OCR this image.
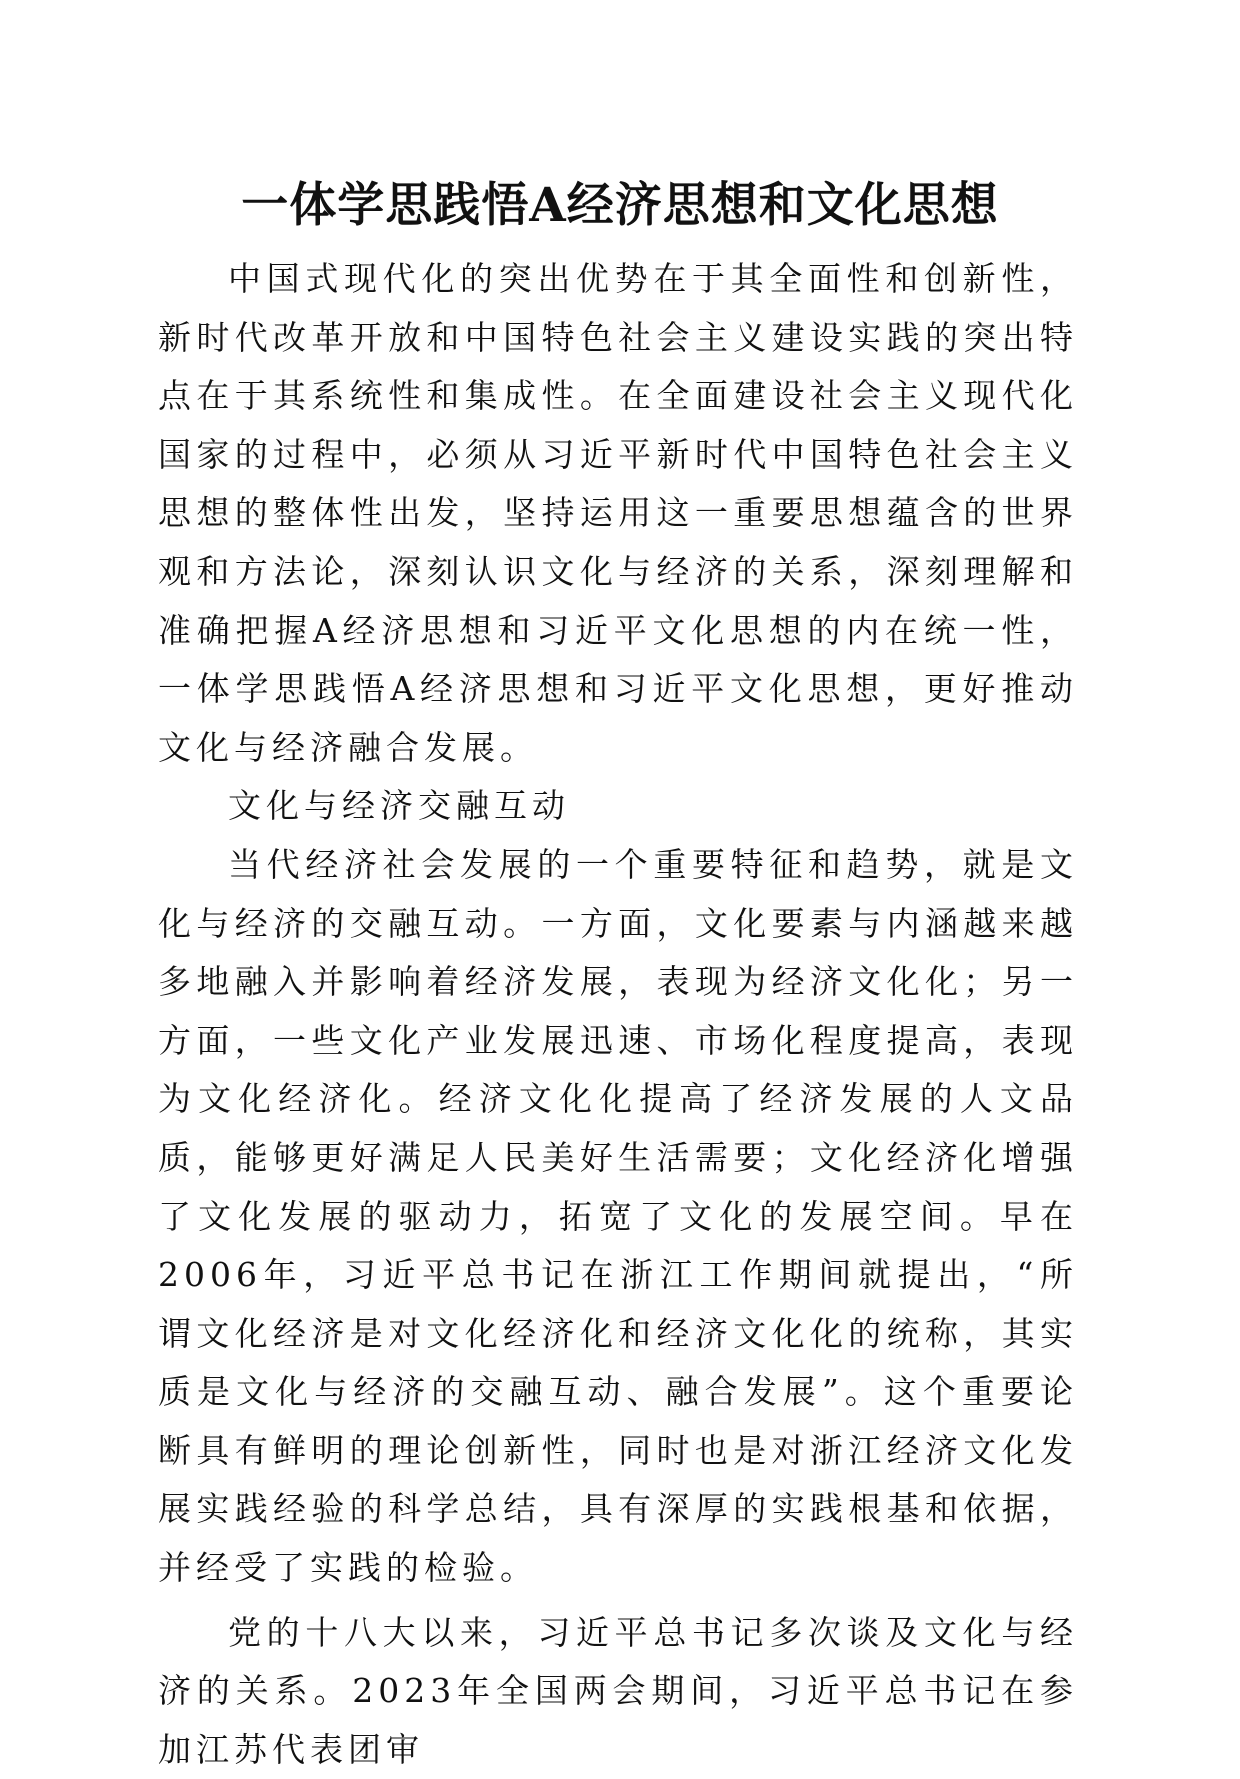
一体学思践悟A经济思想和文化思想

中国式现代化的突出优势在于其全面性和创新性，新时代改革开放和中国特色社会主义建设实践的突出特点在于其系统性和集成性。在全面建设社会主义现代化国家的过程中，必须从习近平新时代中国特色社会主义思想的整体性出发，坚持运用这一重要思想蕴含的世界观和方法论，深刻认识文化与经济的关系，深刻理解和准确把握A经济思想和习近平文化思想的内在统一性，一体学思践悟A经济思想和习近平文化思想，更好推动文化与经济融合发展。

文化与经济交融互动

当代经济社会发展的一个重要特征和趋势，就是文化与经济的交融互动。一方面，文化要素与内涵越来越多地融入并影响着经济发展，表现为经济文化化；另一方面，一些文化产业发展迅速、市场化程度提高，表现为文化经济化。经济文化化提高了经济发展的人文品质，能够更好满足人民美好生活需要；文化经济化增强了文化发展的驱动力，拓宽了文化的发展空间。早在2006年，习近平总书记在浙江工作期间就提出，“所谓文化经济是对文化经济化和经济文化化的统称，其实质是文化与经济的交融互动、融合发展”。这个重要论断具有鲜明的理论创新性，同时也是对浙江经济文化发展实践经验的科学总结，具有深厚的实践根基和依据，并经受了实践的检验。

党的十八大以来，习近平总书记多次谈及文化与经济的关系。2023年全国两会期间，习近平总书记在参加江苏代表团审
